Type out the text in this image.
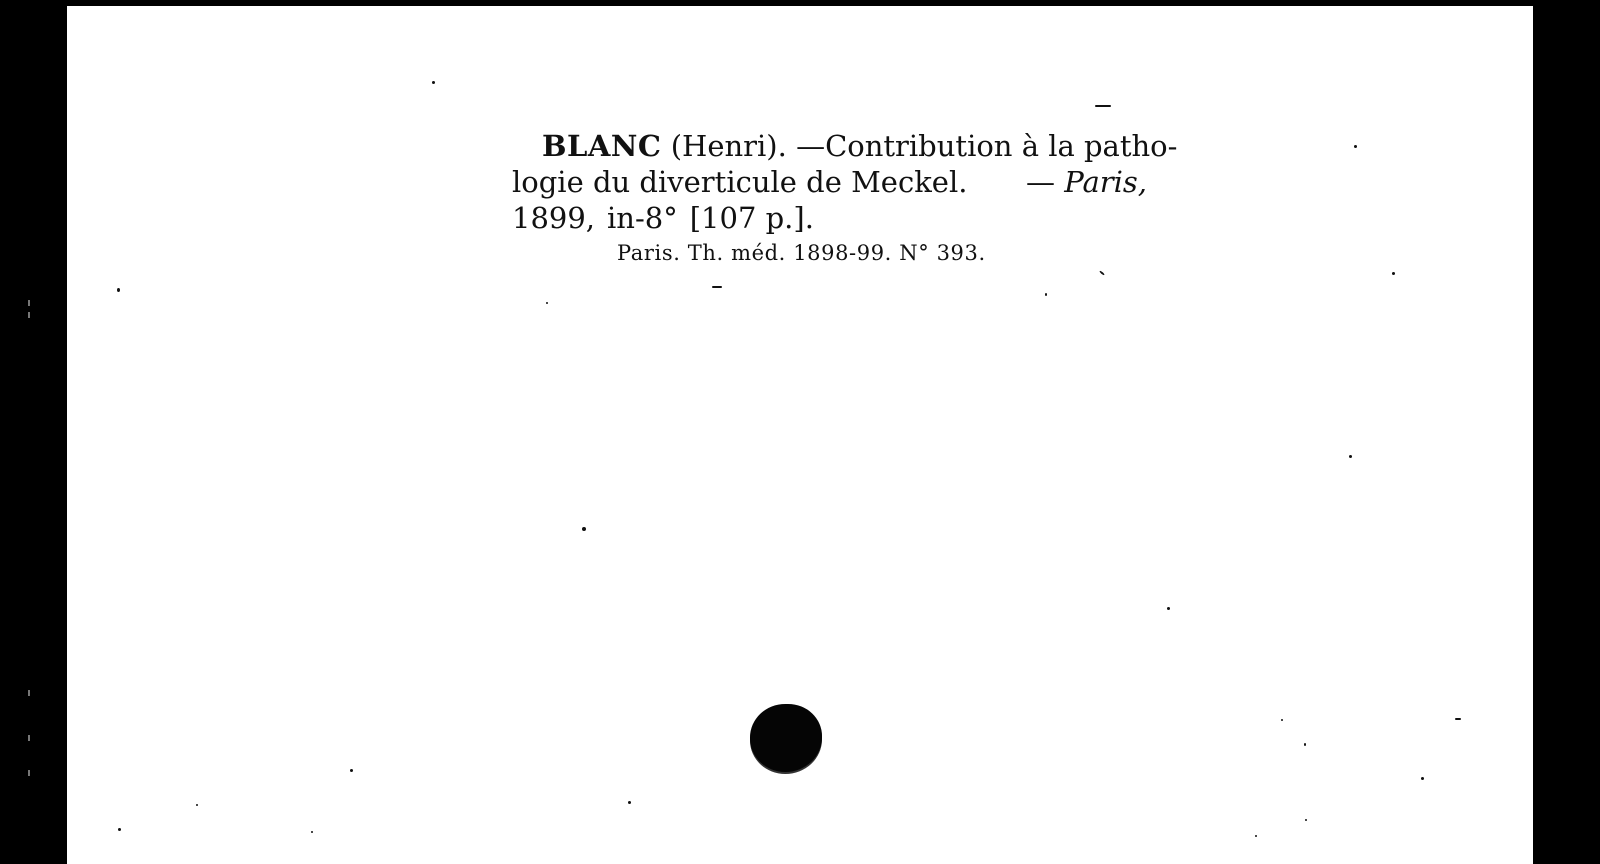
BLANC (Henri). — Contribution à la patho-
logie du diverticule de Meckel. — Paris,
1899, in-8° [107 p.].
Paris. Th. méd. 1898-99. N° 393.
